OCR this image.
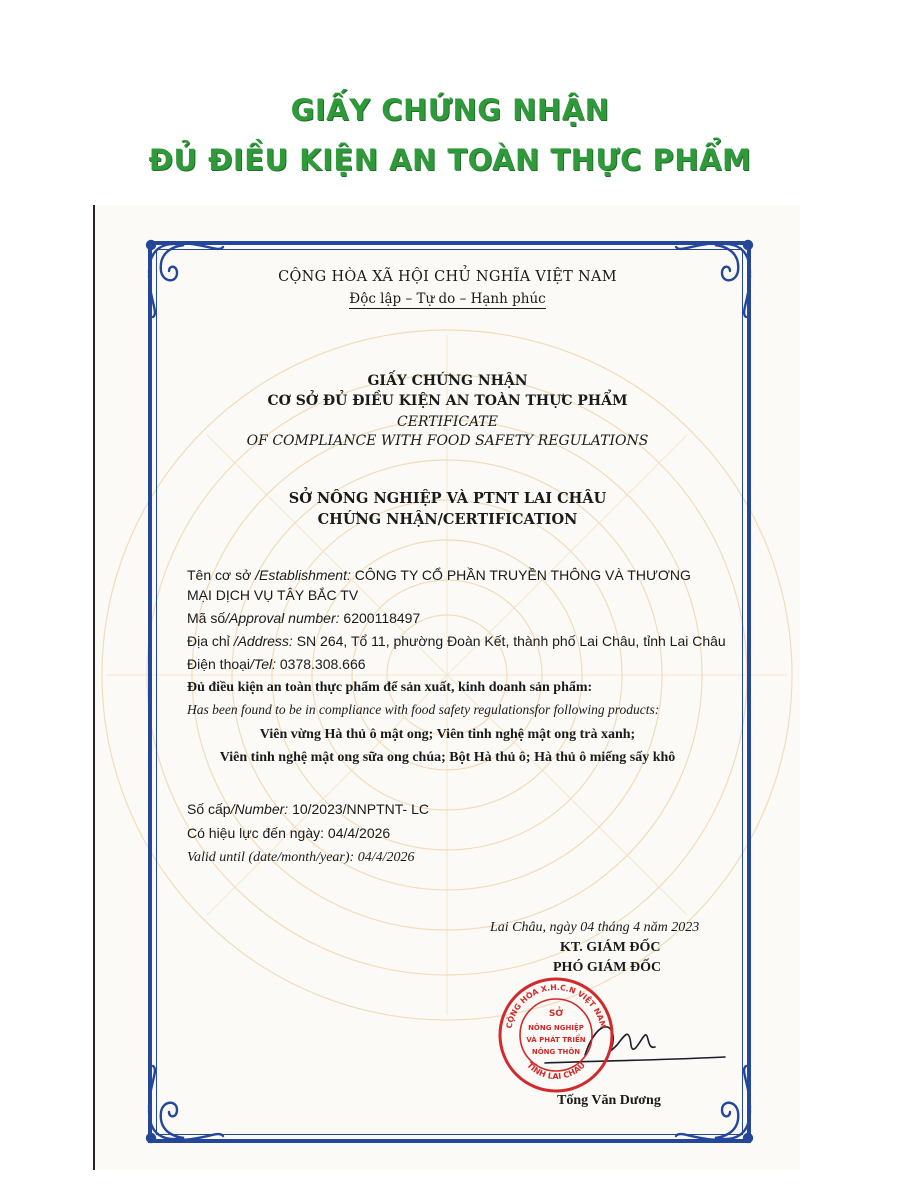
GIẤY CHỨNG NHẬN
ĐỦ ĐIỀU KIỆN AN TOÀN THỰC PHẨM
CỘNG HÒA XÃ HỘI CHỦ NGHĨA VIỆT NAM
Độc lập – Tự do – Hạnh phúc
GIẤY CHỨNG NHẬN
CƠ SỞ ĐỦ ĐIỀU KIỆN AN TOÀN THỰC PHẨM
CERTIFICATE
OF COMPLIANCE WITH FOOD SAFETY REGULATIONS
SỞ NÔNG NGHIỆP VÀ PTNT LAI CHÂU
CHỨNG NHẬN/CERTIFICATION
Tên cơ sở /Establishment: CÔNG TY CỔ PHẦN TRUYỀN THÔNG VÀ THƯƠNG
MẠI DỊCH VỤ TÂY BẮC TV
Mã số/Approval number: 6200118497
Địa chỉ /Address: SN 264, Tổ 11, phường Đoàn Kết, thành phố Lai Châu, tỉnh Lai Châu
Điện thoại/Tel: 0378.308.666
Đủ điều kiện an toàn thực phẩm để sản xuất, kinh doanh sản phẩm:
Has been found to be in compliance with food safety regulationsfor following products:
Viên vừng Hà thủ ô mật ong; Viên tinh nghệ mật ong trà xanh;
Viên tinh nghệ mật ong sữa ong chúa; Bột Hà thủ ô; Hà thủ ô miếng sấy khô
Số cấp/Number: 10/2023/NNPTNT- LC
Có hiệu lực đến ngày: 04/4/2026
Valid until (date/month/year): 04/4/2026
Lai Châu, ngày 04 tháng 4 năm 2023
KT. GIÁM ĐỐC
PHÓ GIÁM ĐỐC
CỘNG HÒA X.H.C.N VIỆT NAM
TỈNH LAI CHÂU
SỞ
NÔNG NGHIỆP
VÀ PHÁT TRIỂN
NÔNG THÔN
Tống Văn Dương
